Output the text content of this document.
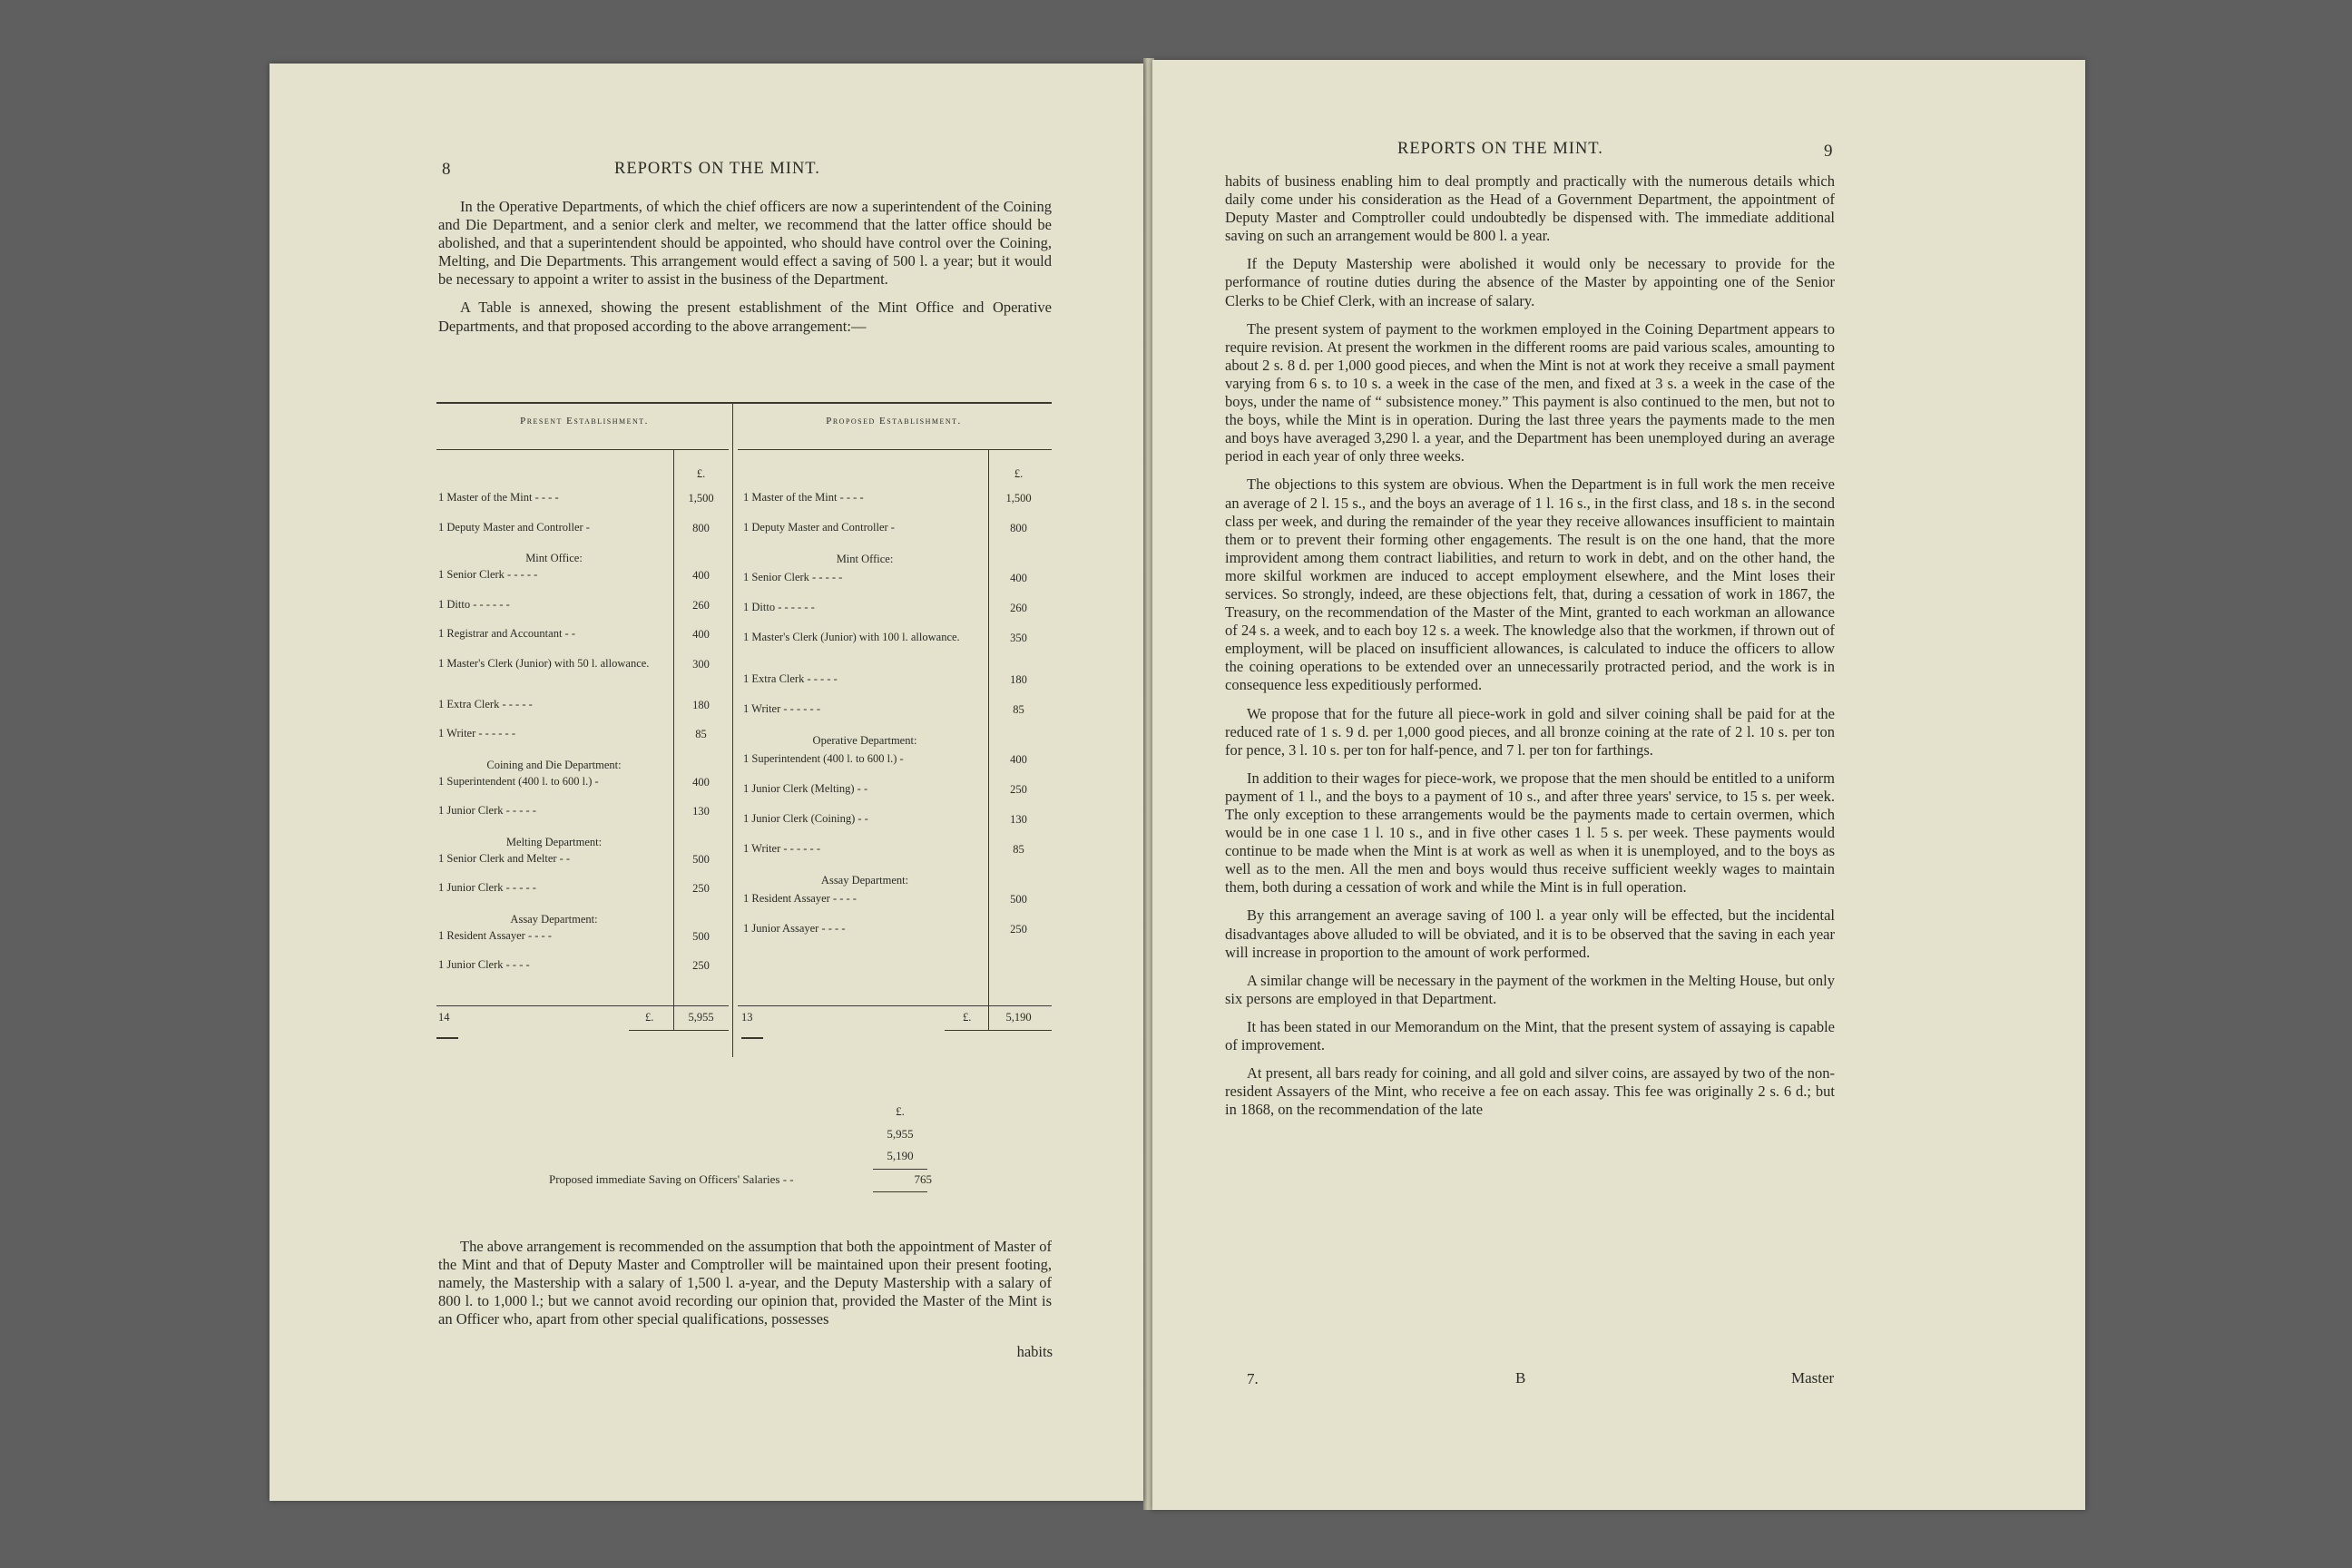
8	REPORTS ON THE MINT.

In the Operative Departments, of which the chief officers are now a superintendent of the Coining and Die Department, and a senior clerk and melter, we recommend that the latter office should be abolished, and that a superintendent should be appointed, who should have control over the Coining, Melting, and Die Departments. This arrangement would effect a saving of 500 l. a year; but it would be necessary to appoint a writer to assist in the business of the Department.

A Table is annexed, showing the present establishment of the Mint Office and Operative Departments, and that proposed according to the above arrangement:—

Present Establishment.	Proposed Establishment.
£.	£.
1 Master of the Mint - - - -	1,500
1 Deputy Master and Controller -	800
Mint Office:
1 Senior Clerk - - - - -	400
1 Ditto - - - - - -	260
1 Registrar and Accountant - -	400
1 Master's Clerk (Junior) with 50 l. allowance.	300
1 Extra Clerk - - - - -	180
1 Writer - - - - - -	85
Coining and Die Department:
1 Superintendent (400 l. to 600 l.) -	400
1 Junior Clerk - - - - -	130
Melting Department:
1 Senior Clerk and Melter - -	500
1 Junior Clerk - - - - -	250
Assay Department:
1 Resident Assayer - - - -	500
1 Junior Clerk - - - -	250
1 Master of the Mint - - - -	1,500
1 Deputy Master and Controller -	800
Mint Office:
1 Senior Clerk - - - - -	400
1 Ditto - - - - - -	260
1 Master's Clerk (Junior) with 100 l. allowance.	350
1 Extra Clerk - - - - -	180
1 Writer - - - - - -	85
Operative Department:
1 Superintendent (400 l. to 600 l.) -	400
1 Junior Clerk (Melting) - -	250
1 Junior Clerk (Coining) - -	130
1 Writer - - - - - -	85
Assay Department:
1 Resident Assayer - - - -	500
1 Junior Assayer - - - -	250
14	£.	5,955	13	£.	5,190
£.
5,955
5,190
Proposed immediate Saving on Officers' Salaries - -	765

The above arrangement is recommended on the assumption that both the appointment of Master of the Mint and that of Deputy Master and Comptroller will be maintained upon their present footing, namely, the Mastership with a salary of 1,500 l. a-year, and the Deputy Mastership with a salary of 800 l. to 1,000 l.; but we cannot avoid recording our opinion that, provided the Master of the Mint is an Officer who, apart from other special qualifications, possesses

habits
REPORTS ON THE MINT.	9

habits of business enabling him to deal promptly and practically with the numerous details which daily come under his consideration as the Head of a Government Department, the appointment of Deputy Master and Comptroller could undoubtedly be dispensed with. The immediate additional saving on such an arrangement would be 800 l. a year.

If the Deputy Mastership were abolished it would only be necessary to provide for the performance of routine duties during the absence of the Master by appointing one of the Senior Clerks to be Chief Clerk, with an increase of salary.

The present system of payment to the workmen employed in the Coining Department appears to require revision. At present the workmen in the different rooms are paid various scales, amounting to about 2 s. 8 d. per 1,000 good pieces, and when the Mint is not at work they receive a small payment varying from 6 s. to 10 s. a week in the case of the men, and fixed at 3 s. a week in the case of the boys, under the name of “ subsistence money.” This payment is also continued to the men, but not to the boys, while the Mint is in operation. During the last three years the payments made to the men and boys have averaged 3,290 l. a year, and the Department has been unemployed during an average period in each year of only three weeks.

The objections to this system are obvious. When the Department is in full work the men receive an average of 2 l. 15 s., and the boys an average of 1 l. 16 s., in the first class, and 18 s. in the second class per week, and during the remainder of the year they receive allowances insufficient to maintain them or to prevent their forming other engagements. The result is on the one hand, that the more improvident among them contract liabilities, and return to work in debt, and on the other hand, the more skilful workmen are induced to accept employment elsewhere, and the Mint loses their services. So strongly, indeed, are these objections felt, that, during a cessation of work in 1867, the Treasury, on the recommendation of the Master of the Mint, granted to each workman an allowance of 24 s. a week, and to each boy 12 s. a week. The knowledge also that the workmen, if thrown out of employment, will be placed on insufficient allowances, is calculated to induce the officers to allow the coining operations to be extended over an unnecessarily protracted period, and the work is in consequence less expeditiously performed.

We propose that for the future all piece-work in gold and silver coining shall be paid for at the reduced rate of 1 s. 9 d. per 1,000 good pieces, and all bronze coining at the rate of 2 l. 10 s. per ton for pence, 3 l. 10 s. per ton for half-pence, and 7 l. per ton for farthings.

In addition to their wages for piece-work, we propose that the men should be entitled to a uniform payment of 1 l., and the boys to a payment of 10 s., and after three years' service, to 15 s. per week. The only exception to these arrangements would be the payments made to certain overmen, which would be in one case 1 l. 10 s., and in five other cases 1 l. 5 s. per week. These payments would continue to be made when the Mint is at work as well as when it is unemployed, and to the boys as well as to the men. All the men and boys would thus receive sufficient weekly wages to maintain them, both during a cessation of work and while the Mint is in full operation.

By this arrangement an average saving of 100 l. a year only will be effected, but the incidental disadvantages above alluded to will be obviated, and it is to be observed that the saving in each year will increase in proportion to the amount of work performed.

A similar change will be necessary in the payment of the workmen in the Melting House, but only six persons are employed in that Department.

It has been stated in our Memorandum on the Mint, that the present system of assaying is capable of improvement.

At present, all bars ready for coining, and all gold and silver coins, are assayed by two of the non-resident Assayers of the Mint, who receive a fee on each assay. This fee was originally 2 s. 6 d.; but in 1868, on the recommendation of the late

7.	B	Master
